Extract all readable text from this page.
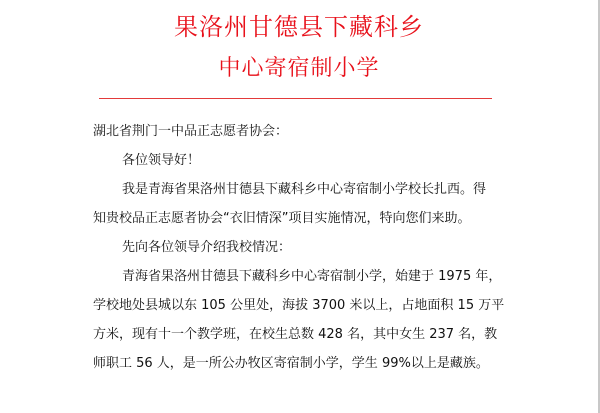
果洛州甘德县下藏科乡
中心寄宿制小学

湖北省荆门一中品正志愿者协会：

各位领导好！

我是青海省果洛州甘德县下藏科乡中心寄宿制小学校长扎西。得

知贵校品正志愿者协会“衣旧情深”项目实施情况，特向您们来助。

先向各位领导介绍我校情况：

青海省果洛州甘德县下藏科乡中心寄宿制小学，始建于 1975 年，

学校地处县城以东 105 公里处，海拔 3700 米以上，占地面积 15 万平

方米，现有十一个教学班，在校生总数 428 名，其中女生 237 名，教

师职工 56 人，是一所公办牧区寄宿制小学，学生 99%以上是藏族。
